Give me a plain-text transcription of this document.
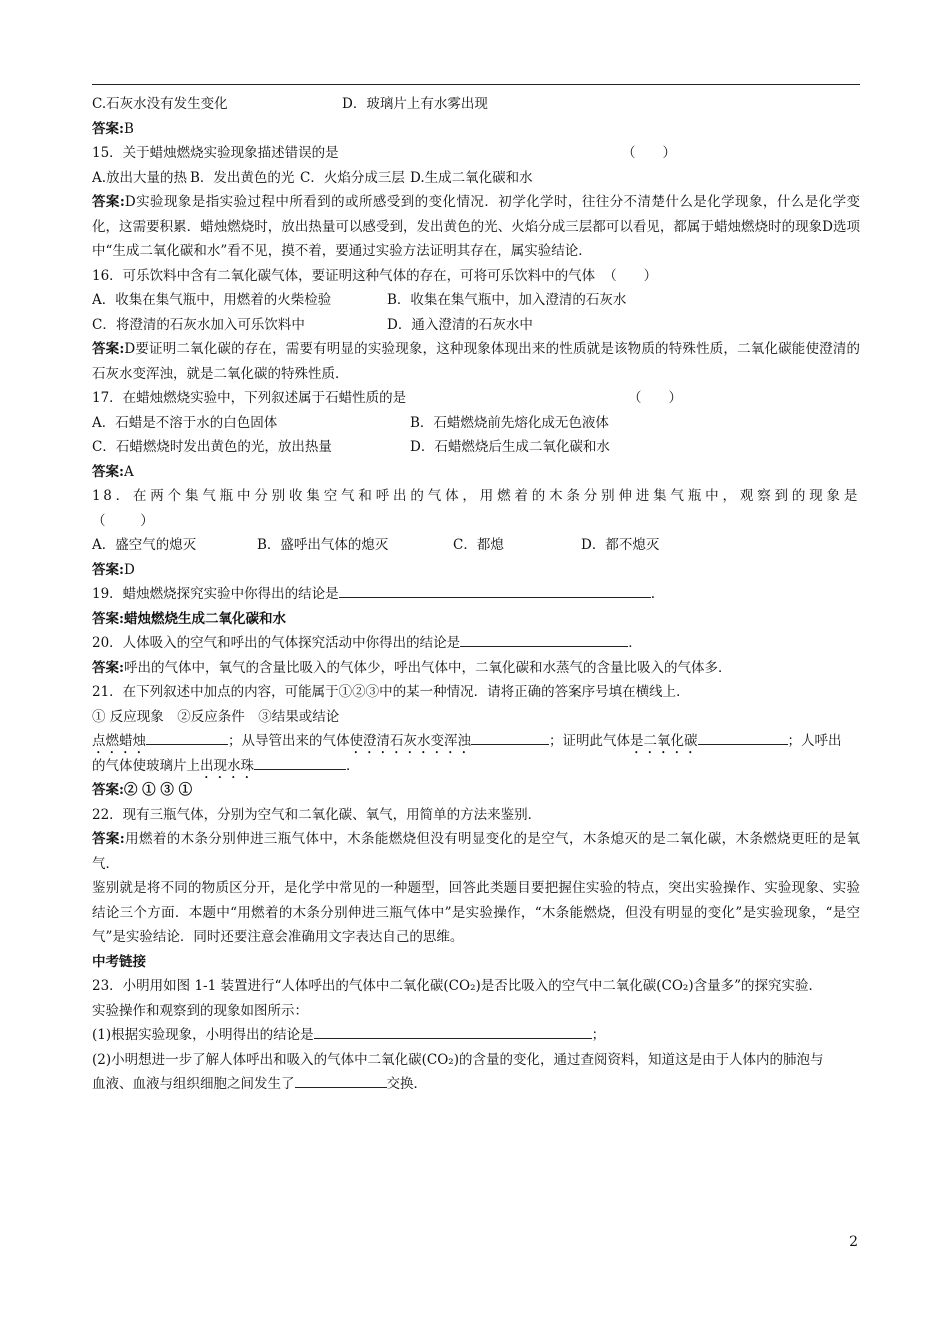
C.石灰水没有发生变化	D．玻璃片上有水雾出现
答案:B
15．关于蜡烛燃烧实验现象描述错误的是	（　　）
A.放出大量的热 B．发出黄色的光 C．火焰分成三层 D.生成二氧化碳和水
答案:D实验现象是指实验过程中所看到的或所感受到的变化情况．初学化学时，往往分不清楚什么是化学现象，什么是化学变化，这需要积累．蜡烛燃烧时，放出热量可以感受到，发出黄色的光、火焰分成三层都可以看见，都属于蜡烛燃烧时的现象D选项中“生成二氧化碳和水”看不见，摸不着，要通过实验方法证明其存在，属实验结论．
16．可乐饮料中含有二氧化碳气体，要证明这种气体的存在，可将可乐饮料中的气体 （　　）
A．收集在集气瓶中，用燃着的火柴检验	B．收集在集气瓶中，加入澄清的石灰水
C．将澄清的石灰水加入可乐饮料中	D．通入澄清的石灰水中
答案:D要证明二氧化碳的存在，需要有明显的实验现象，这种现象体现出来的性质就是该物质的特殊性质，二氧化碳能使澄清的石灰水变浑浊，就是二氧化碳的特殊性质．
17．在蜡烛燃烧实验中，下列叙述属于石蜡性质的是	（　　）
A．石蜡是不溶于水的白色固体	B．石蜡燃烧前先熔化成无色液体
C．石蜡燃烧时发出黄色的光，放出热量	D．石蜡燃烧后生成二氧化碳和水
答案:A
18．在两个集气瓶中分别收集空气和呼出的气体，用燃着的木条分别伸进集气瓶中，观察到的现象是（　　）
A．盛空气的熄灭	B．盛呼出气体的熄灭	C．都熄	D．都不熄灭
答案:D
19．蜡烛燃烧探究实验中你得出的结论是	.
答案:蜡烛燃烧生成二氧化碳和水
20．人体吸入的空气和呼出的气体探究活动中你得出的结论是	．
答案:呼出的气体中，氧气的含量比吸入的气体少，呼出气体中，二氧化碳和水蒸气的含量比吸入的气体多．
21．在下列叙述中加点的内容，可能属于①②③中的某一种情况．请将正确的答案序号填在横线上．
① 反应现象　②反应条件　③结果或结论
点燃蜡烛	；从导管出来的气体使澄清石灰水变浑浊	；证明此气体是二氧化碳	；人呼出
的气体使玻璃片上出现水珠	．
答案:② ① ③ ①
22．现有三瓶气体，分别为空气和二氧化碳、氧气，用简单的方法来鉴别．
答案:用燃着的木条分别伸进三瓶气体中，木条能燃烧但没有明显变化的是空气，木条熄灭的是二氧化碳，木条燃烧更旺的是氧气．
鉴别就是将不同的物质区分开，是化学中常见的一种题型，回答此类题目要把握住实验的特点，突出实验操作、实验现象、实验结论三个方面．本题中“用燃着的木条分别伸进三瓶气体中”是实验操作，“木条能燃烧，但没有明显的变化”是实验现象，“是空气”是实验结论．同时还要注意会准确用文字表达自己的思维。
中考链接
23．小明用如图 1-1 装置进行“人体呼出的气体中二氧化碳(CO₂)是否比吸入的空气中二氧化碳(CO₂)含量多”的探究实验．
实验操作和观察到的现象如图所示：
(1)根据实验现象，小明得出的结论是	；
(2)小明想进一步了解人体呼出和吸入的气体中二氧化碳(CO₂)的含量的变化，通过查阅资料，知道这是由于人体内的肺泡与
血液、血液与组织细胞之间发生了	交换．
2
